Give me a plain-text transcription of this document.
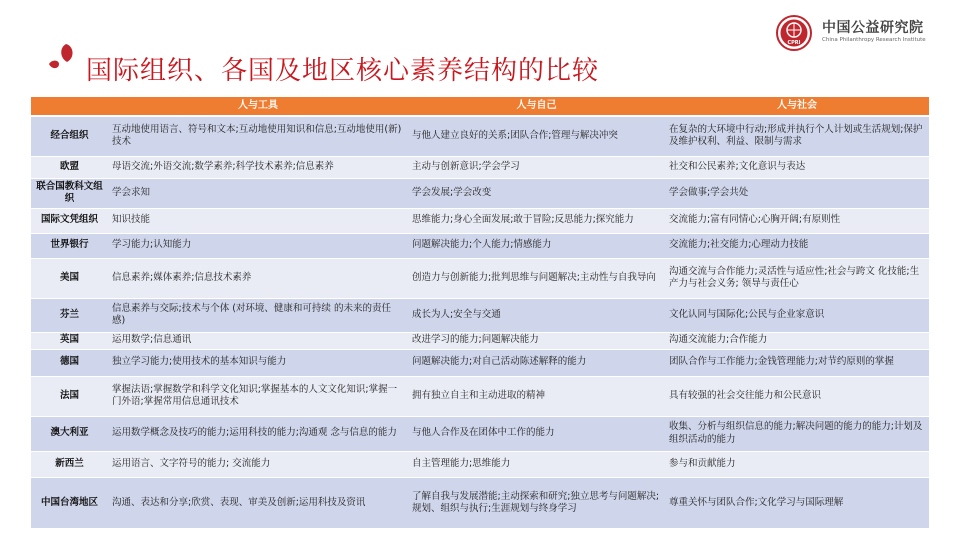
CPRI
中国公益研究院
China Philanthropy Research Institute
国际组织、各国及地区核心素养结构的比较
	人与工具	人与自己	人与社会
经合组织	互动地使用语言、符号和文本;互动地使用知识和信息;互动地使用(新)技术	与他人建立良好的关系;团队合作;管理与解决冲突	在复杂的大环境中行动;形成并执行个人计划或生活规划;保护及维护权利、利益、限制与需求
欧盟	母语交流;外语交流;数学素养;科学技术素养;信息素养	主动与创新意识;学会学习	社交和公民素养;文化意识与表达
联合国教科文组织	学会求知	学会发展;学会改变	学会做事;学会共处
国际文凭组织	知识技能	思维能力;身心全面发展;敢于冒险;反思能力;探究能力	交流能力;富有同情心;心胸开阔;有原则性
世界银行	学习能力;认知能力	问题解决能力;个人能力;情感能力	交流能力;社交能力;心理动力技能
美国	信息素养;媒体素养;信息技术素养	创造力与创新能力;批判思维与问题解决;主动性与自我导向	沟通交流与合作能力;灵活性与适应性;社会与跨文 化技能;生产力与社会义务; 领导与责任心
芬兰	信息素养与交际;技术与个体 (对环境、健康和可持续 的未来的责任感)	成长为人;安全与交通	文化认同与国际化;公民与企业家意识
英国	运用数学;信息通讯	改进学习的能力;问题解决能力	沟通交流能力;合作能力
德国	独立学习能力;使用技术的基本知识与能力	问题解决能力;对自己活动陈述解释的能力	团队合作与工作能力;金钱管理能力;对节约原则的掌握
法国	掌握法语;掌握数学和科学文化知识;掌握基本的人文文化知识;掌握一门外语;掌握常用信息通讯技术	拥有独立自主和主动进取的精神	具有较强的社会交往能力和公民意识
澳大利亚	运用数学概念及技巧的能力;运用科技的能力;沟通观 念与信息的能力	与他人合作及在团体中工作的能力	收集、分析与组织信息的能力;解决问题的能力的能力;计划及组织活动的能力
新西兰	运用语言、文字符号的能力; 交流能力	自主管理能力;思维能力	参与和贡献能力
中国台湾地区	沟通、表达和分享;欣赏、表现、审美及创新;运用科技及资讯	了解自我与发展潜能;主动探索和研究;独立思考与问题解决;规划、组织与执行;生涯规划与终身学习	尊重关怀与团队合作;文化学习与国际理解
